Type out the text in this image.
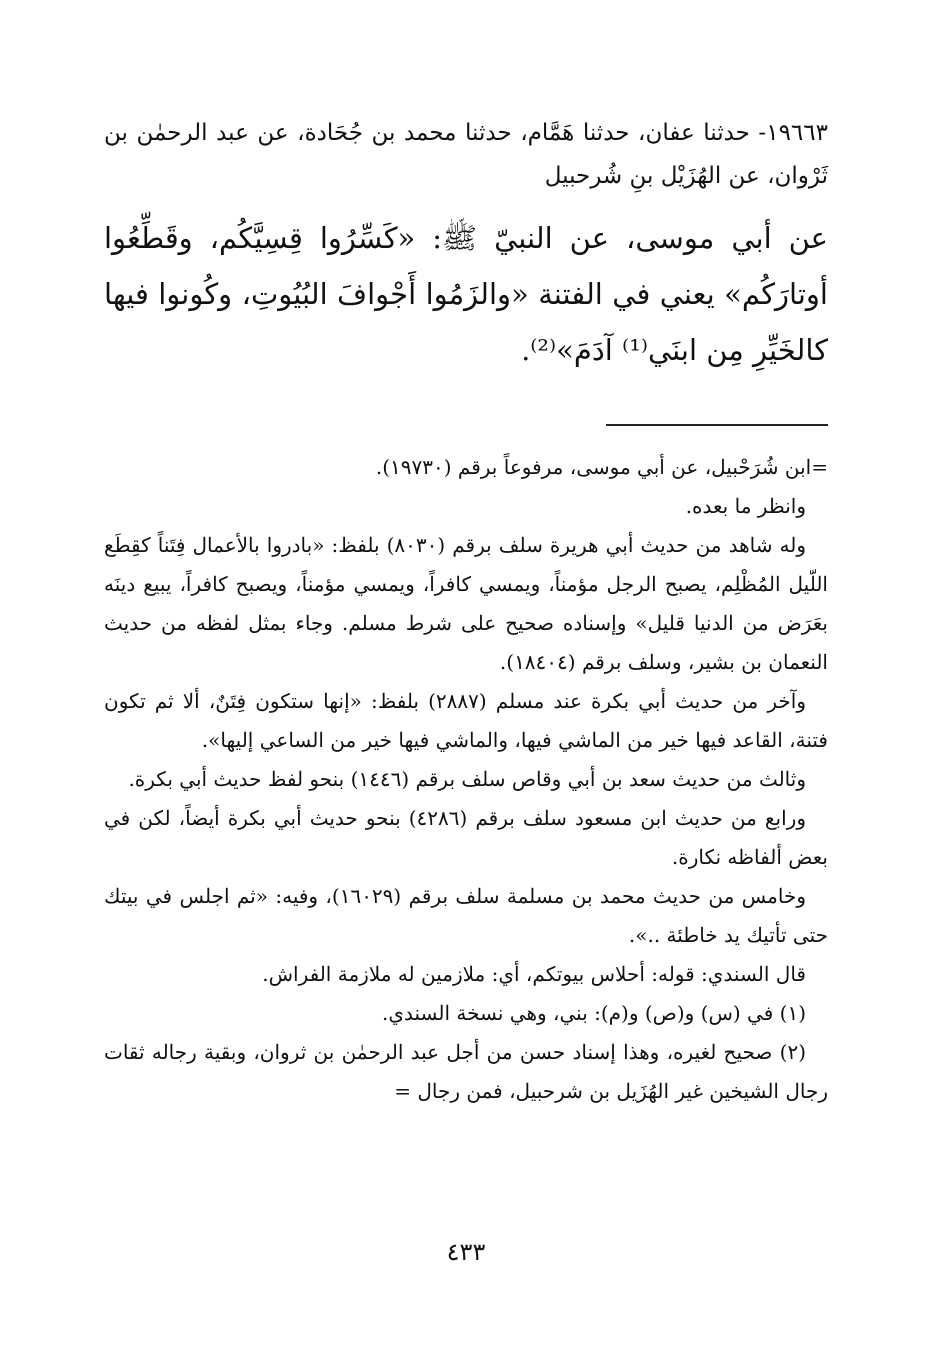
١٩٦٦٣- حدثنا عفان، حدثنا هَمَّام، حدثنا محمد بن جُحَادة، عن عبد الرحمٰن بن ثَرْوان، عن الهُزَيْل بنِ شُرحبيل

عن أبي موسى، عن النبيّ ﷺ: «كَسِّرُوا قِسِيَّكُم، وقَطِّعُوا أوتارَكُم» يعني في الفتنة «والزَمُوا أَجْوافَ البُيُوتِ، وكُونوا فيها كالخَيِّرِ مِن ابنَي⁽¹⁾ آدَمَ»⁽²⁾.

=ابن شُرَحْبيل، عن أبي موسى، مرفوعاً برقم (١٩٧٣٠).

وانظر ما بعده.

وله شاهد من حديث أبي هريرة سلف برقم (٨٠٣٠) بلفظ: «بادروا بالأعمال فِتَناً كقِطَع اللّيل المُظْلِم، يصبح الرجل مؤمناً، ويمسي كافراً، ويمسي مؤمناً، ويصبح كافراً، يبيع دينَه بعَرَض من الدنيا قليل» وإسناده صحيح على شرط مسلم. وجاء بمثل لفظه من حديث النعمان بن بشير، وسلف برقم (١٨٤٠٤).

وآخر من حديث أبي بكرة عند مسلم (٢٨٨٧) بلفظ: «إنها ستكون فِتَنٌ، ألا ثم تكون فتنة، القاعد فيها خير من الماشي فيها، والماشي فيها خير من الساعي إليها».

وثالث من حديث سعد بن أبي وقاص سلف برقم (١٤٤٦) بنحو لفظ حديث أبي بكرة.

ورابع من حديث ابن مسعود سلف برقم (٤٢٨٦) بنحو حديث أبي بكرة أيضاً، لكن في بعض ألفاظه نكارة.

وخامس من حديث محمد بن مسلمة سلف برقم (١٦٠٢٩)، وفيه: «ثم اجلس في بيتك حتى تأتيك يد خاطئة ..».

قال السندي: قوله: أحلاس بيوتكم، أي: ملازمين له ملازمة الفراش.

(١) في (س) و(ص) و(م): بني، وهي نسخة السندي.

(٢) صحيح لغيره، وهذا إسناد حسن من أجل عبد الرحمٰن بن ثروان، وبقية رجاله ثقات رجال الشيخين غير الهُزَيل بن شرحبيل، فمن رجال =

٤٣٣
